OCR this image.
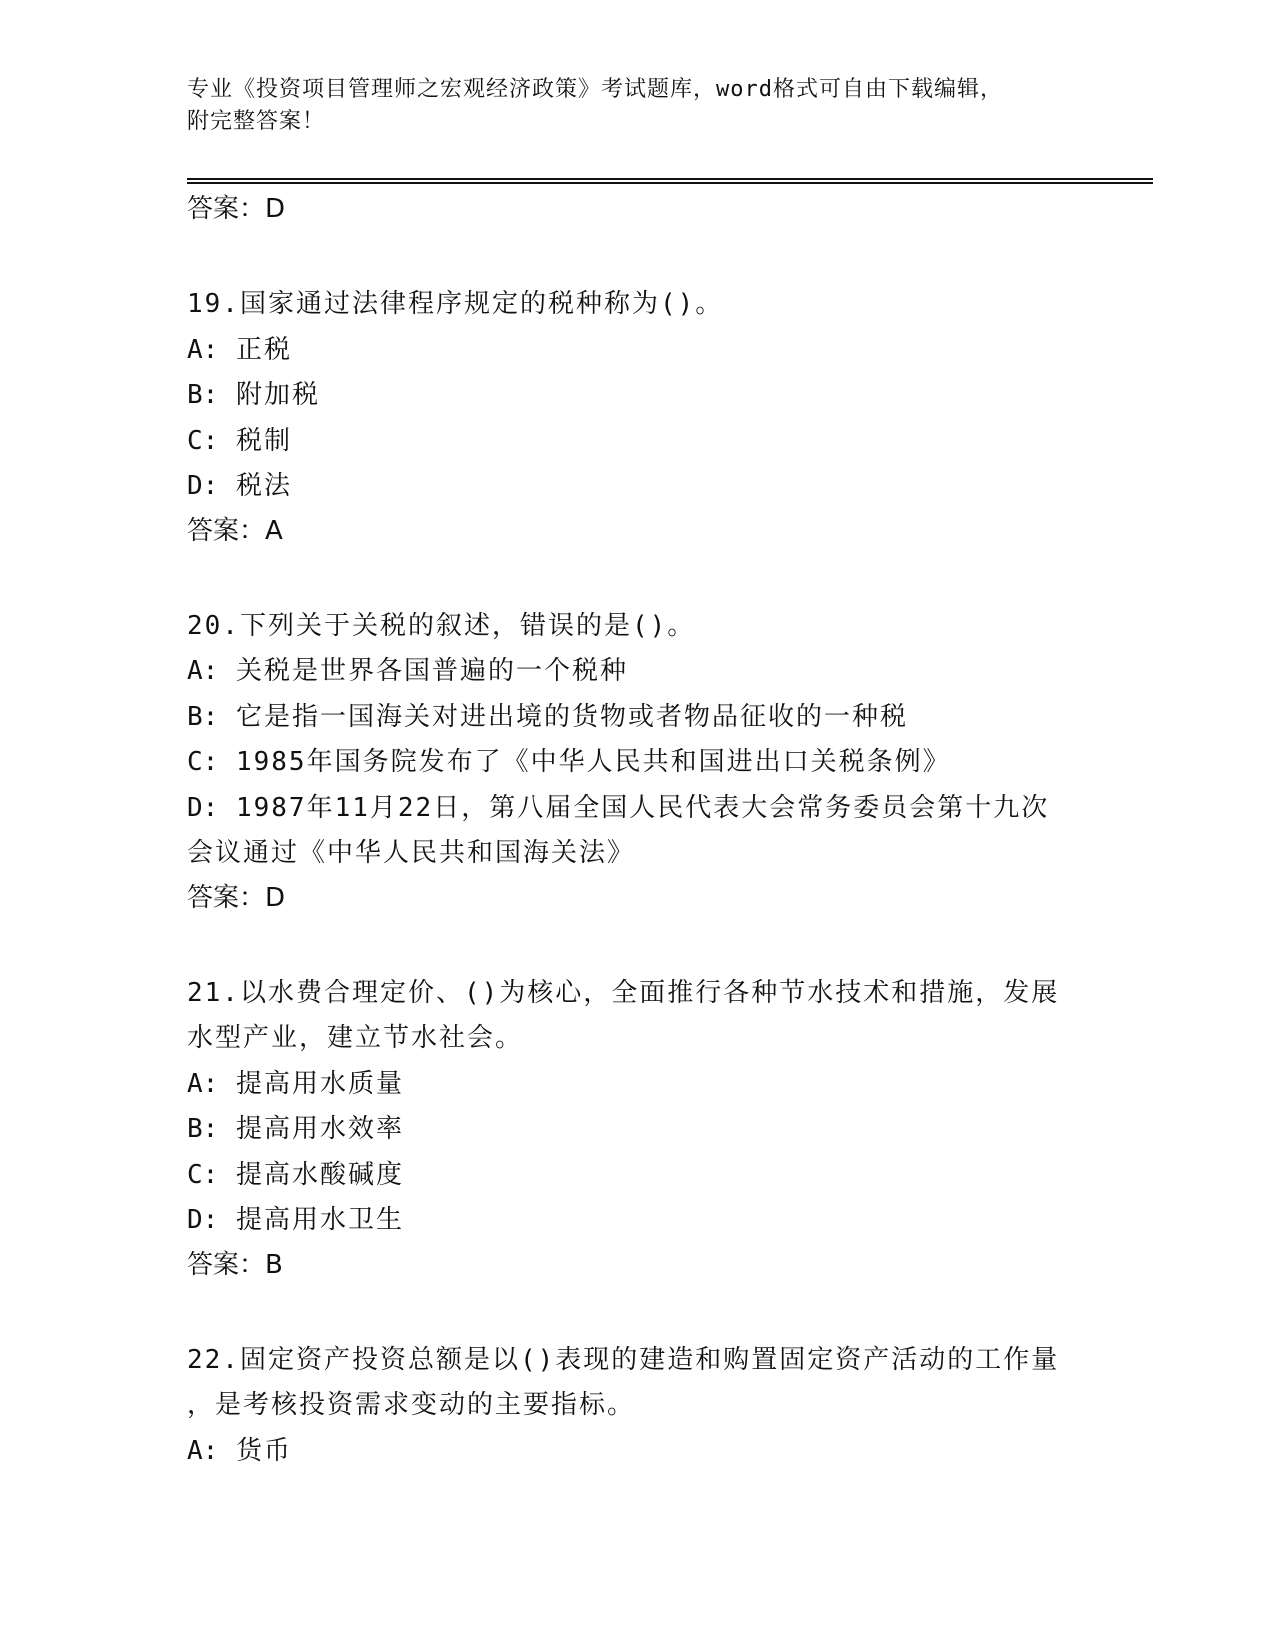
专业《投资项目管理师之宏观经济政策》考试题库，word格式可自由下载编辑，
附完整答案！
答案：D
19.国家通过法律程序规定的税种称为()。
A: 正税
B: 附加税
C: 税制
D: 税法
答案：A
20.下列关于关税的叙述，错误的是()。
A: 关税是世界各国普遍的一个税种
B: 它是指一国海关对进出境的货物或者物品征收的一种税
C: 1985年国务院发布了《中华人民共和国进出口关税条例》
D: 1987年11月22日，第八届全国人民代表大会常务委员会第十九次
会议通过《中华人民共和国海关法》
答案：D
21.以水费合理定价、()为核心，全面推行各种节水技术和措施，发展
水型产业，建立节水社会。
A: 提高用水质量
B: 提高用水效率
C: 提高水酸碱度
D: 提高用水卫生
答案：B
22.固定资产投资总额是以()表现的建造和购置固定资产活动的工作量
，是考核投资需求变动的主要指标。
A: 货币
